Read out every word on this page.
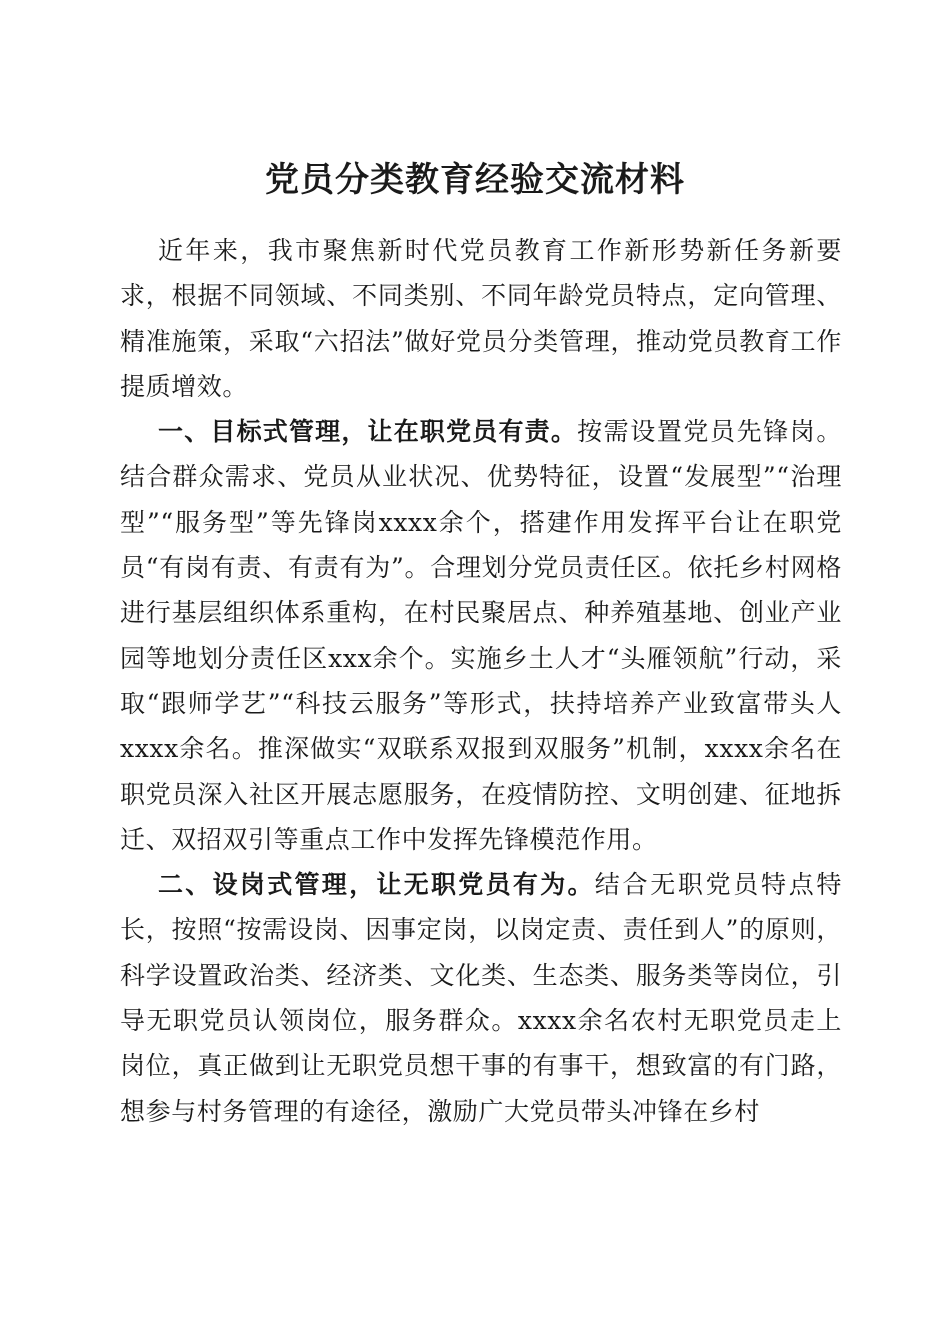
党员分类教育经验交流材料

近年来，我市聚焦新时代党员教育工作新形势新任务新要求，根据不同领域、不同类别、不同年龄党员特点，定向管理、精准施策，采取“六招法”做好党员分类管理，推动党员教育工作提质增效。

一、目标式管理，让在职党员有责。按需设置党员先锋岗。结合群众需求、党员从业状况、优势特征，设置“发展型”“治理型”“服务型”等先锋岗xxxx余个，搭建作用发挥平台让在职党员“有岗有责、有责有为”。合理划分党员责任区。依托乡村网格进行基层组织体系重构，在村民聚居点、种养殖基地、创业产业园等地划分责任区xxx余个。实施乡土人才“头雁领航”行动，采取“跟师学艺”“科技云服务”等形式，扶持培养产业致富带头人xxxx余名。推深做实“双联系双报到双服务”机制，xxxx余名在职党员深入社区开展志愿服务，在疫情防控、文明创建、征地拆迁、双招双引等重点工作中发挥先锋模范作用。

二、设岗式管理，让无职党员有为。结合无职党员特点特长，按照“按需设岗、因事定岗，以岗定责、责任到人”的原则，科学设置政治类、经济类、文化类、生态类、服务类等岗位，引导无职党员认领岗位，服务群众。xxxx余名农村无职党员走上岗位，真正做到让无职党员想干事的有事干，想致富的有门路，想参与村务管理的有途径，激励广大党员带头冲锋在乡村
